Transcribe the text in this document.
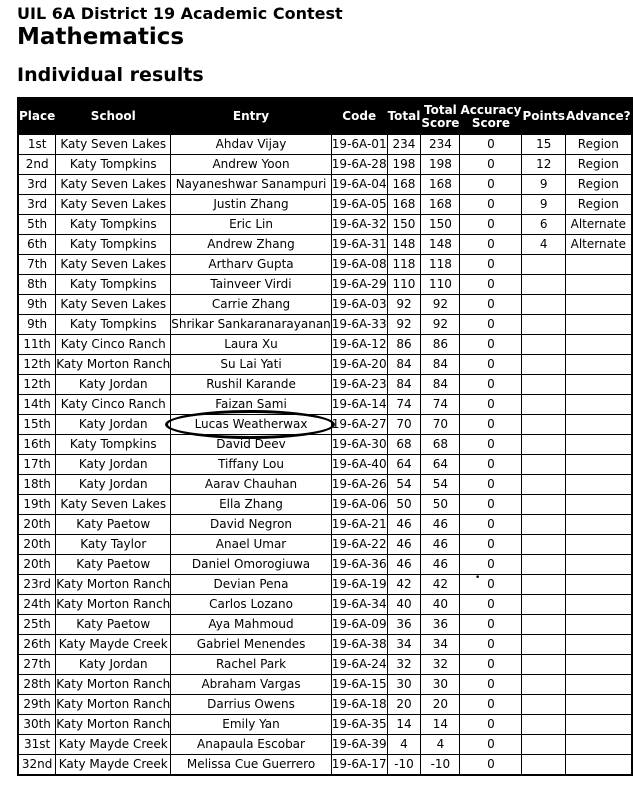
UIL 6A District 19 Academic Contest

Mathematics

Individual results

Place	School	Entry	Code	Total	Total Score	Accuracy Score	Points	Advance?
1st	Katy Seven Lakes	Ahdav Vijay	19-6A-01	234	234	0	15	Region
2nd	Katy Tompkins	Andrew Yoon	19-6A-28	198	198	0	12	Region
3rd	Katy Seven Lakes	Nayaneshwar Sanampuri	19-6A-04	168	168	0	9	Region
3rd	Katy Seven Lakes	Justin Zhang	19-6A-05	168	168	0	9	Region
5th	Katy Tompkins	Eric Lin	19-6A-32	150	150	0	6	Alternate
6th	Katy Tompkins	Andrew Zhang	19-6A-31	148	148	0	4	Alternate
7th	Katy Seven Lakes	Artharv Gupta	19-6A-08	118	118	0		
8th	Katy Tompkins	Tainveer Virdi	19-6A-29	110	110	0		
9th	Katy Seven Lakes	Carrie Zhang	19-6A-03	92	92	0		
9th	Katy Tompkins	Shrikar Sankaranarayanan	19-6A-33	92	92	0		
11th	Katy Cinco Ranch	Laura Xu	19-6A-12	86	86	0		
12th	Katy Morton Ranch	Su Lai Yati	19-6A-20	84	84	0		
12th	Katy Jordan	Rushil Karande	19-6A-23	84	84	0		
14th	Katy Cinco Ranch	Faizan Sami	19-6A-14	74	74	0		
15th	Katy Jordan	Lucas Weatherwax	19-6A-27	70	70	0		
16th	Katy Tompkins	David Deev	19-6A-30	68	68	0		
17th	Katy Jordan	Tiffany Lou	19-6A-40	64	64	0		
18th	Katy Jordan	Aarav Chauhan	19-6A-26	54	54	0		
19th	Katy Seven Lakes	Ella Zhang	19-6A-06	50	50	0		
20th	Katy Paetow	David Negron	19-6A-21	46	46	0		
20th	Katy Taylor	Anael Umar	19-6A-22	46	46	0		
20th	Katy Paetow	Daniel Omorogiuwa	19-6A-36	46	46	0		
23rd	Katy Morton Ranch	Devian Pena	19-6A-19	42	42	0		
24th	Katy Morton Ranch	Carlos Lozano	19-6A-34	40	40	0		
25th	Katy Paetow	Aya Mahmoud	19-6A-09	36	36	0		
26th	Katy Mayde Creek	Gabriel Menendes	19-6A-38	34	34	0		
27th	Katy Jordan	Rachel Park	19-6A-24	32	32	0		
28th	Katy Morton Ranch	Abraham Vargas	19-6A-15	30	30	0		
29th	Katy Morton Ranch	Darrius Owens	19-6A-18	20	20	0		
30th	Katy Morton Ranch	Emily Yan	19-6A-35	14	14	0		
31st	Katy Mayde Creek	Anapaula Escobar	19-6A-39	4	4	0		
32nd	Katy Mayde Creek	Melissa Cue Guerrero	19-6A-17	-10	-10	0		
•
